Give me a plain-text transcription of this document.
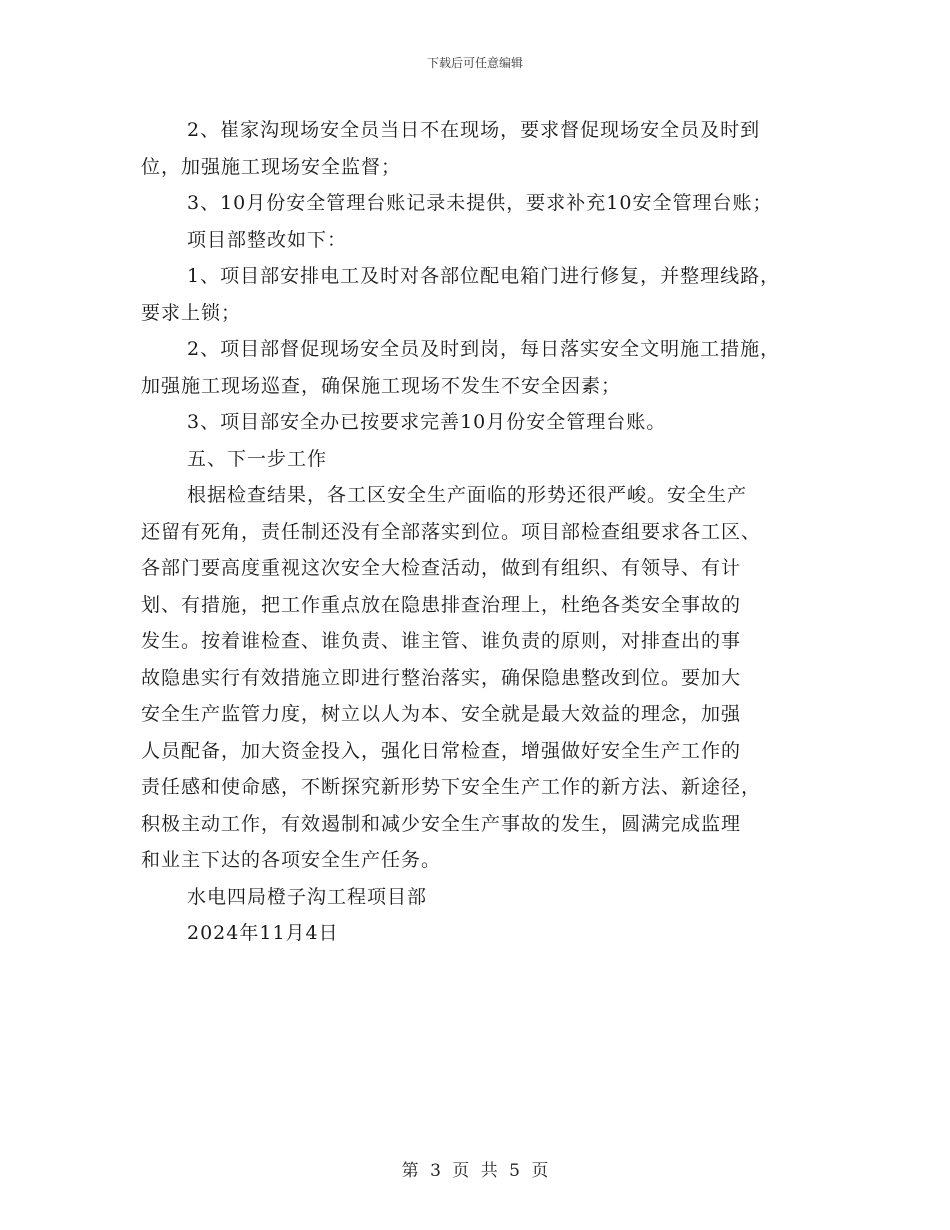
下载后可任意编辑
2、崔家沟现场安全员当日不在现场，要求督促现场安全员及时到
位，加强施工现场安全监督；
3、10月份安全管理台账记录未提供，要求补充10安全管理台账；
项目部整改如下：
1、项目部安排电工及时对各部位配电箱门进行修复，并整理线路，
要求上锁；
2、项目部督促现场安全员及时到岗，每日落实安全文明施工措施，
加强施工现场巡查，确保施工现场不发生不安全因素；
3、项目部安全办已按要求完善10月份安全管理台账。
五、下一步工作
根据检查结果，各工区安全生产面临的形势还很严峻。安全生产
还留有死角，责任制还没有全部落实到位。项目部检查组要求各工区、
各部门要高度重视这次安全大检查活动，做到有组织、有领导、有计
划、有措施，把工作重点放在隐患排查治理上，杜绝各类安全事故的
发生。按着谁检查、谁负责、谁主管、谁负责的原则，对排查出的事
故隐患实行有效措施立即进行整治落实，确保隐患整改到位。要加大
安全生产监管力度，树立以人为本、安全就是最大效益的理念，加强
人员配备，加大资金投入，强化日常检查，增强做好安全生产工作的
责任感和使命感，不断探究新形势下安全生产工作的新方法、新途径，
积极主动工作，有效遏制和减少安全生产事故的发生，圆满完成监理
和业主下达的各项安全生产任务。
水电四局橙子沟工程项目部
2024年11月4日
第 3 页 共 5 页
